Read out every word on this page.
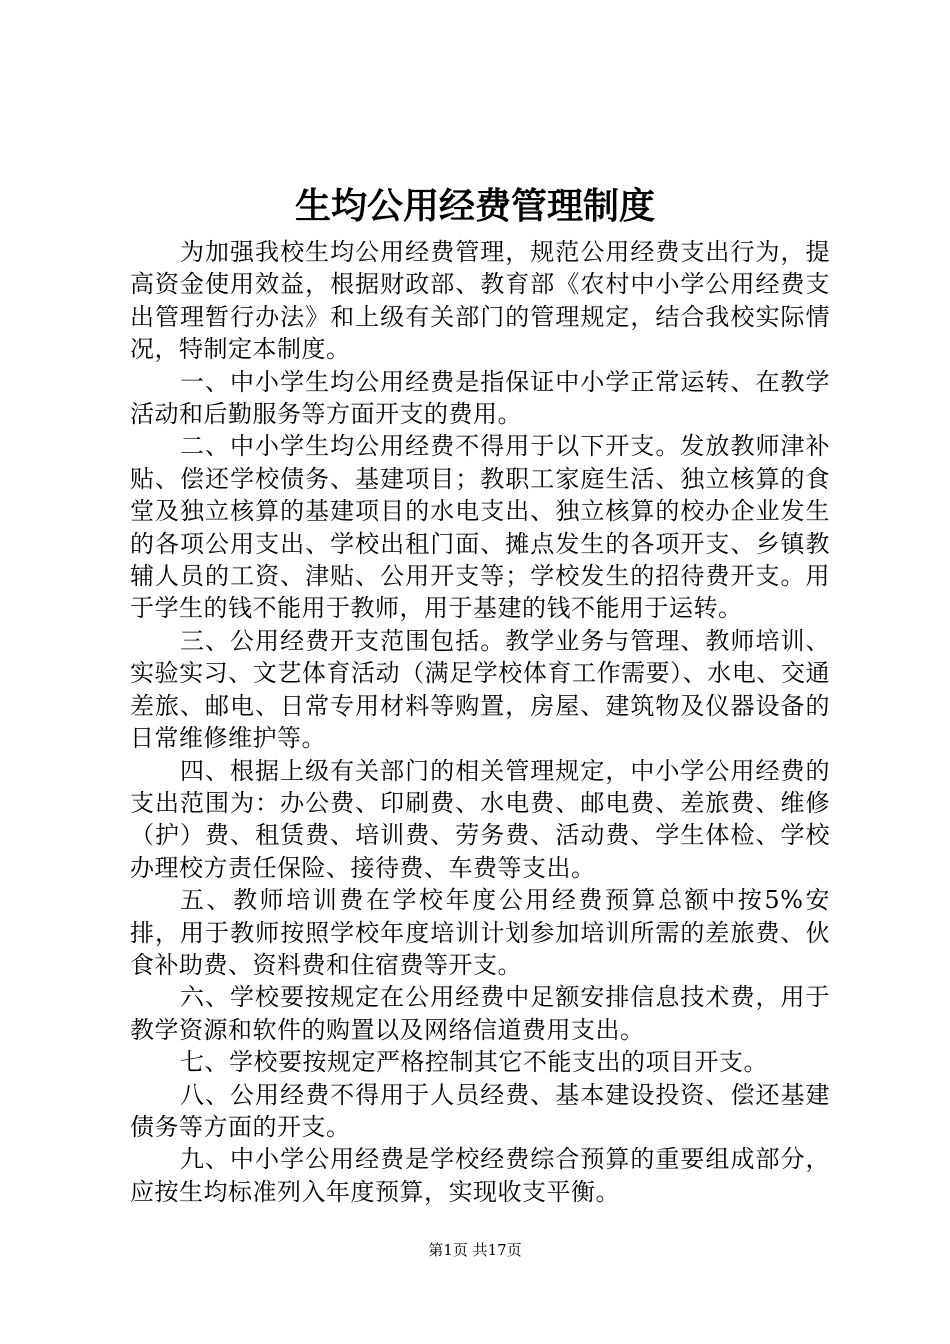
生均公用经费管理制度

为加强我校生均公用经费管理，规范公用经费支出行为，提高资金使用效益，根据财政部、教育部《农村中小学公用经费支出管理暂行办法》和上级有关部门的管理规定，结合我校实际情况，特制定本制度。

一、中小学生均公用经费是指保证中小学正常运转、在教学活动和后勤服务等方面开支的费用。

二、中小学生均公用经费不得用于以下开支。发放教师津补贴、偿还学校债务、基建项目；教职工家庭生活、独立核算的食堂及独立核算的基建项目的水电支出、独立核算的校办企业发生的各项公用支出、学校出租门面、摊点发生的各项开支、乡镇教辅人员的工资、津贴、公用开支等；学校发生的招待费开支。用于学生的钱不能用于教师，用于基建的钱不能用于运转。

三、公用经费开支范围包括。教学业务与管理、教师培训、实验实习、文艺体育活动（满足学校体育工作需要）、水电、交通差旅、邮电、日常专用材料等购置，房屋、建筑物及仪器设备的日常维修维护等。

四、根据上级有关部门的相关管理规定，中小学公用经费的支出范围为：办公费、印刷费、水电费、邮电费、差旅费、维修（护）费、租赁费、培训费、劳务费、活动费、学生体检、学校办理校方责任保险、接待费、车费等支出。

五、教师培训费在学校年度公用经费预算总额中按5%安排，用于教师按照学校年度培训计划参加培训所需的差旅费、伙食补助费、资料费和住宿费等开支。

六、学校要按规定在公用经费中足额安排信息技术费，用于教学资源和软件的购置以及网络信道费用支出。

七、学校要按规定严格控制其它不能支出的项目开支。

八、公用经费不得用于人员经费、基本建设投资、偿还基建债务等方面的开支。

九、中小学公用经费是学校经费综合预算的重要组成部分，应按生均标准列入年度预算，实现收支平衡。

第1页 共17页
